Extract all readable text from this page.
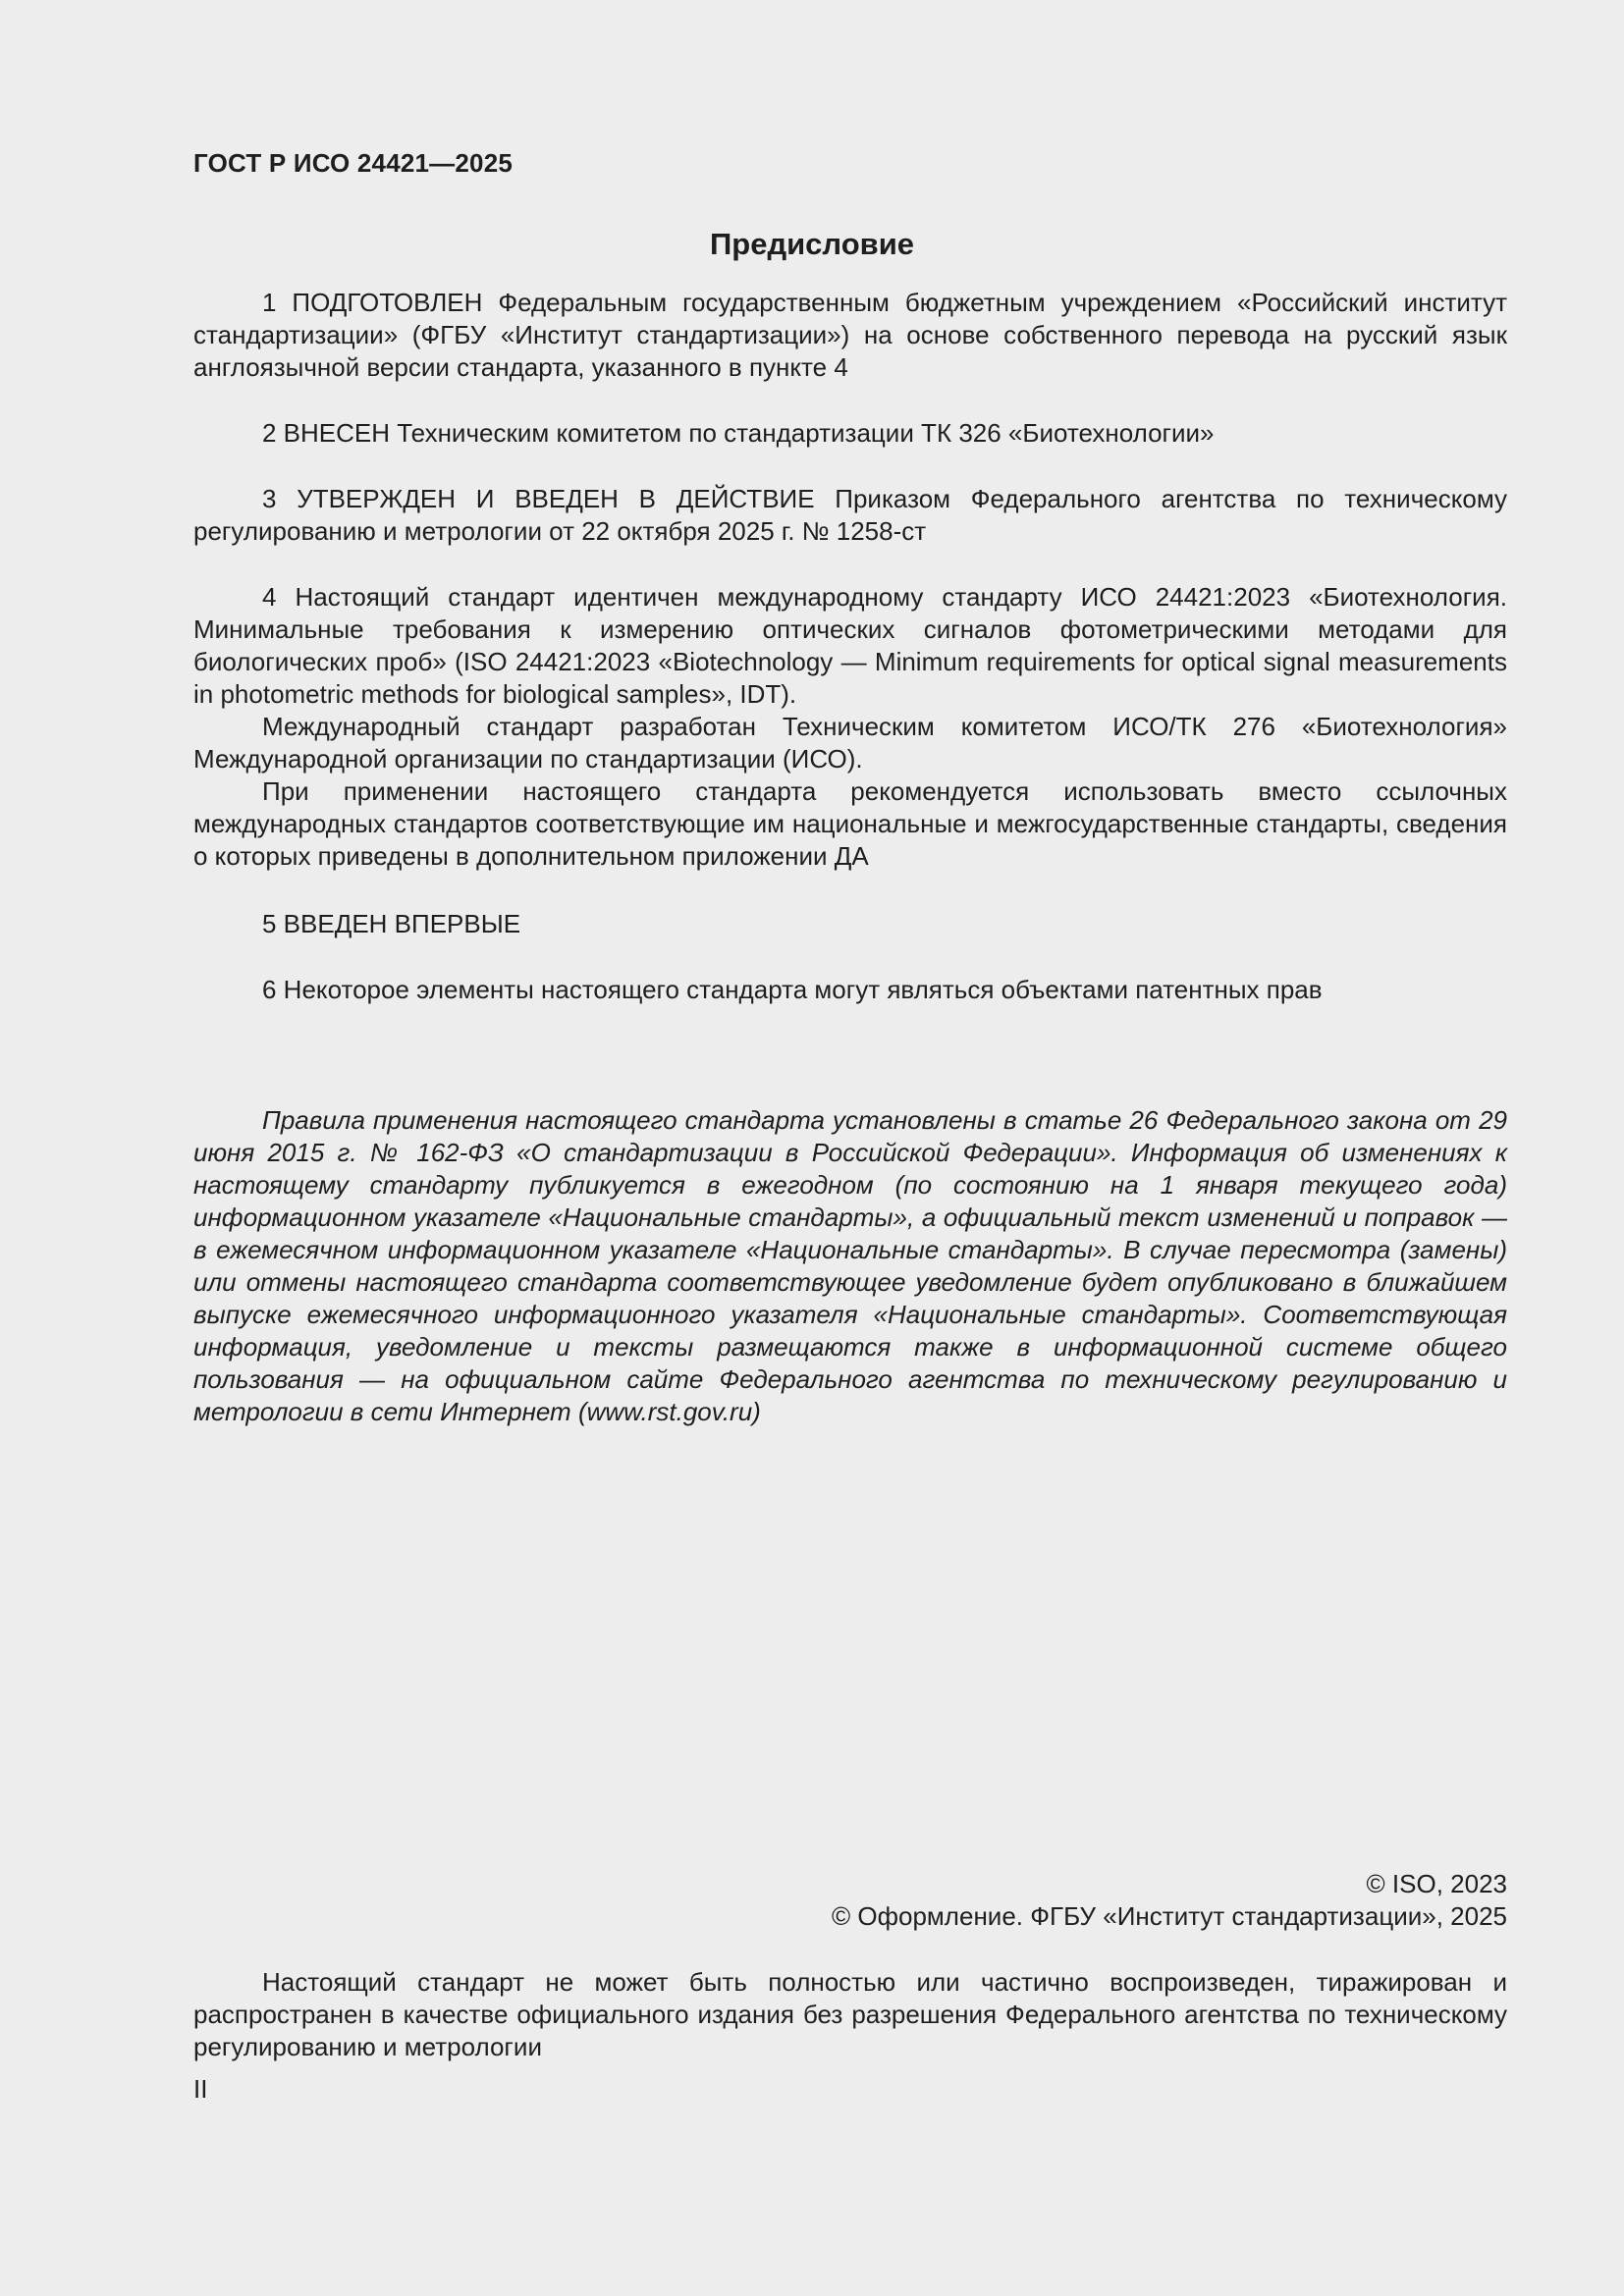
ГОСТ Р ИСО 24421—2025
Предисловие

1 ПОДГОТОВЛЕН Федеральным государственным бюджетным учреждением «Российский институт стандартизации» (ФГБУ «Институт стандартизации») на основе собственного перевода на русский язык англоязычной версии стандарта, указанного в пункте 4

2 ВНЕСЕН Техническим комитетом по стандартизации ТК 326 «Биотехнологии»

3 УТВЕРЖДЕН И ВВЕДЕН В ДЕЙСТВИЕ Приказом Федерального агентства по техническому регулированию и метрологии от 22 октября 2025 г. № 1258-ст

4 Настоящий стандарт идентичен международному стандарту ИСО 24421:2023 «Биотехнология. Минимальные требования к измерению оптических сигналов фотометрическими методами для биологических проб» (ISO 24421:2023 «Biotechnology — Minimum requirements for optical signal measurements in photometric methods for biological samples», IDT).

Международный стандарт разработан Техническим комитетом ИСО/ТК 276 «Биотехнология» Международной организации по стандартизации (ИСО).

При применении настоящего стандарта рекомендуется использовать вместо ссылочных международных стандартов соответствующие им национальные и межгосударственные стандарты, сведения о которых приведены в дополнительном приложении ДА

5 ВВЕДЕН ВПЕРВЫЕ

6 Некоторое элементы настоящего стандарта могут являться объектами патентных прав

Правила применения настоящего стандарта установлены в статье 26 Федерального закона от 29 июня 2015 г. № 162-ФЗ «О стандартизации в Российской Федерации». Информация об изменениях к настоящему стандарту публикуется в ежегодном (по состоянию на 1 января текущего года) информационном указателе «Национальные стандарты», а официальный текст изменений и поправок — в ежемесячном информационном указателе «Национальные стандарты». В случае пересмотра (замены) или отмены настоящего стандарта соответствующее уведомление будет опубликовано в ближайшем выпуске ежемесячного информационного указателя «Национальные стандарты». Соответствующая информация, уведомление и тексты размещаются также в информационной системе общего пользования — на официальном сайте Федерального агентства по техническому регулированию и метрологии в сети Интернет (www.rst.gov.ru)

© ISO, 2023
© Оформление. ФГБУ «Институт стандартизации», 2025

Настоящий стандарт не может быть полностью или частично воспроизведен, тиражирован и распространен в качестве официального издания без разрешения Федерального агентства по техническому регулированию и метрологии

II
